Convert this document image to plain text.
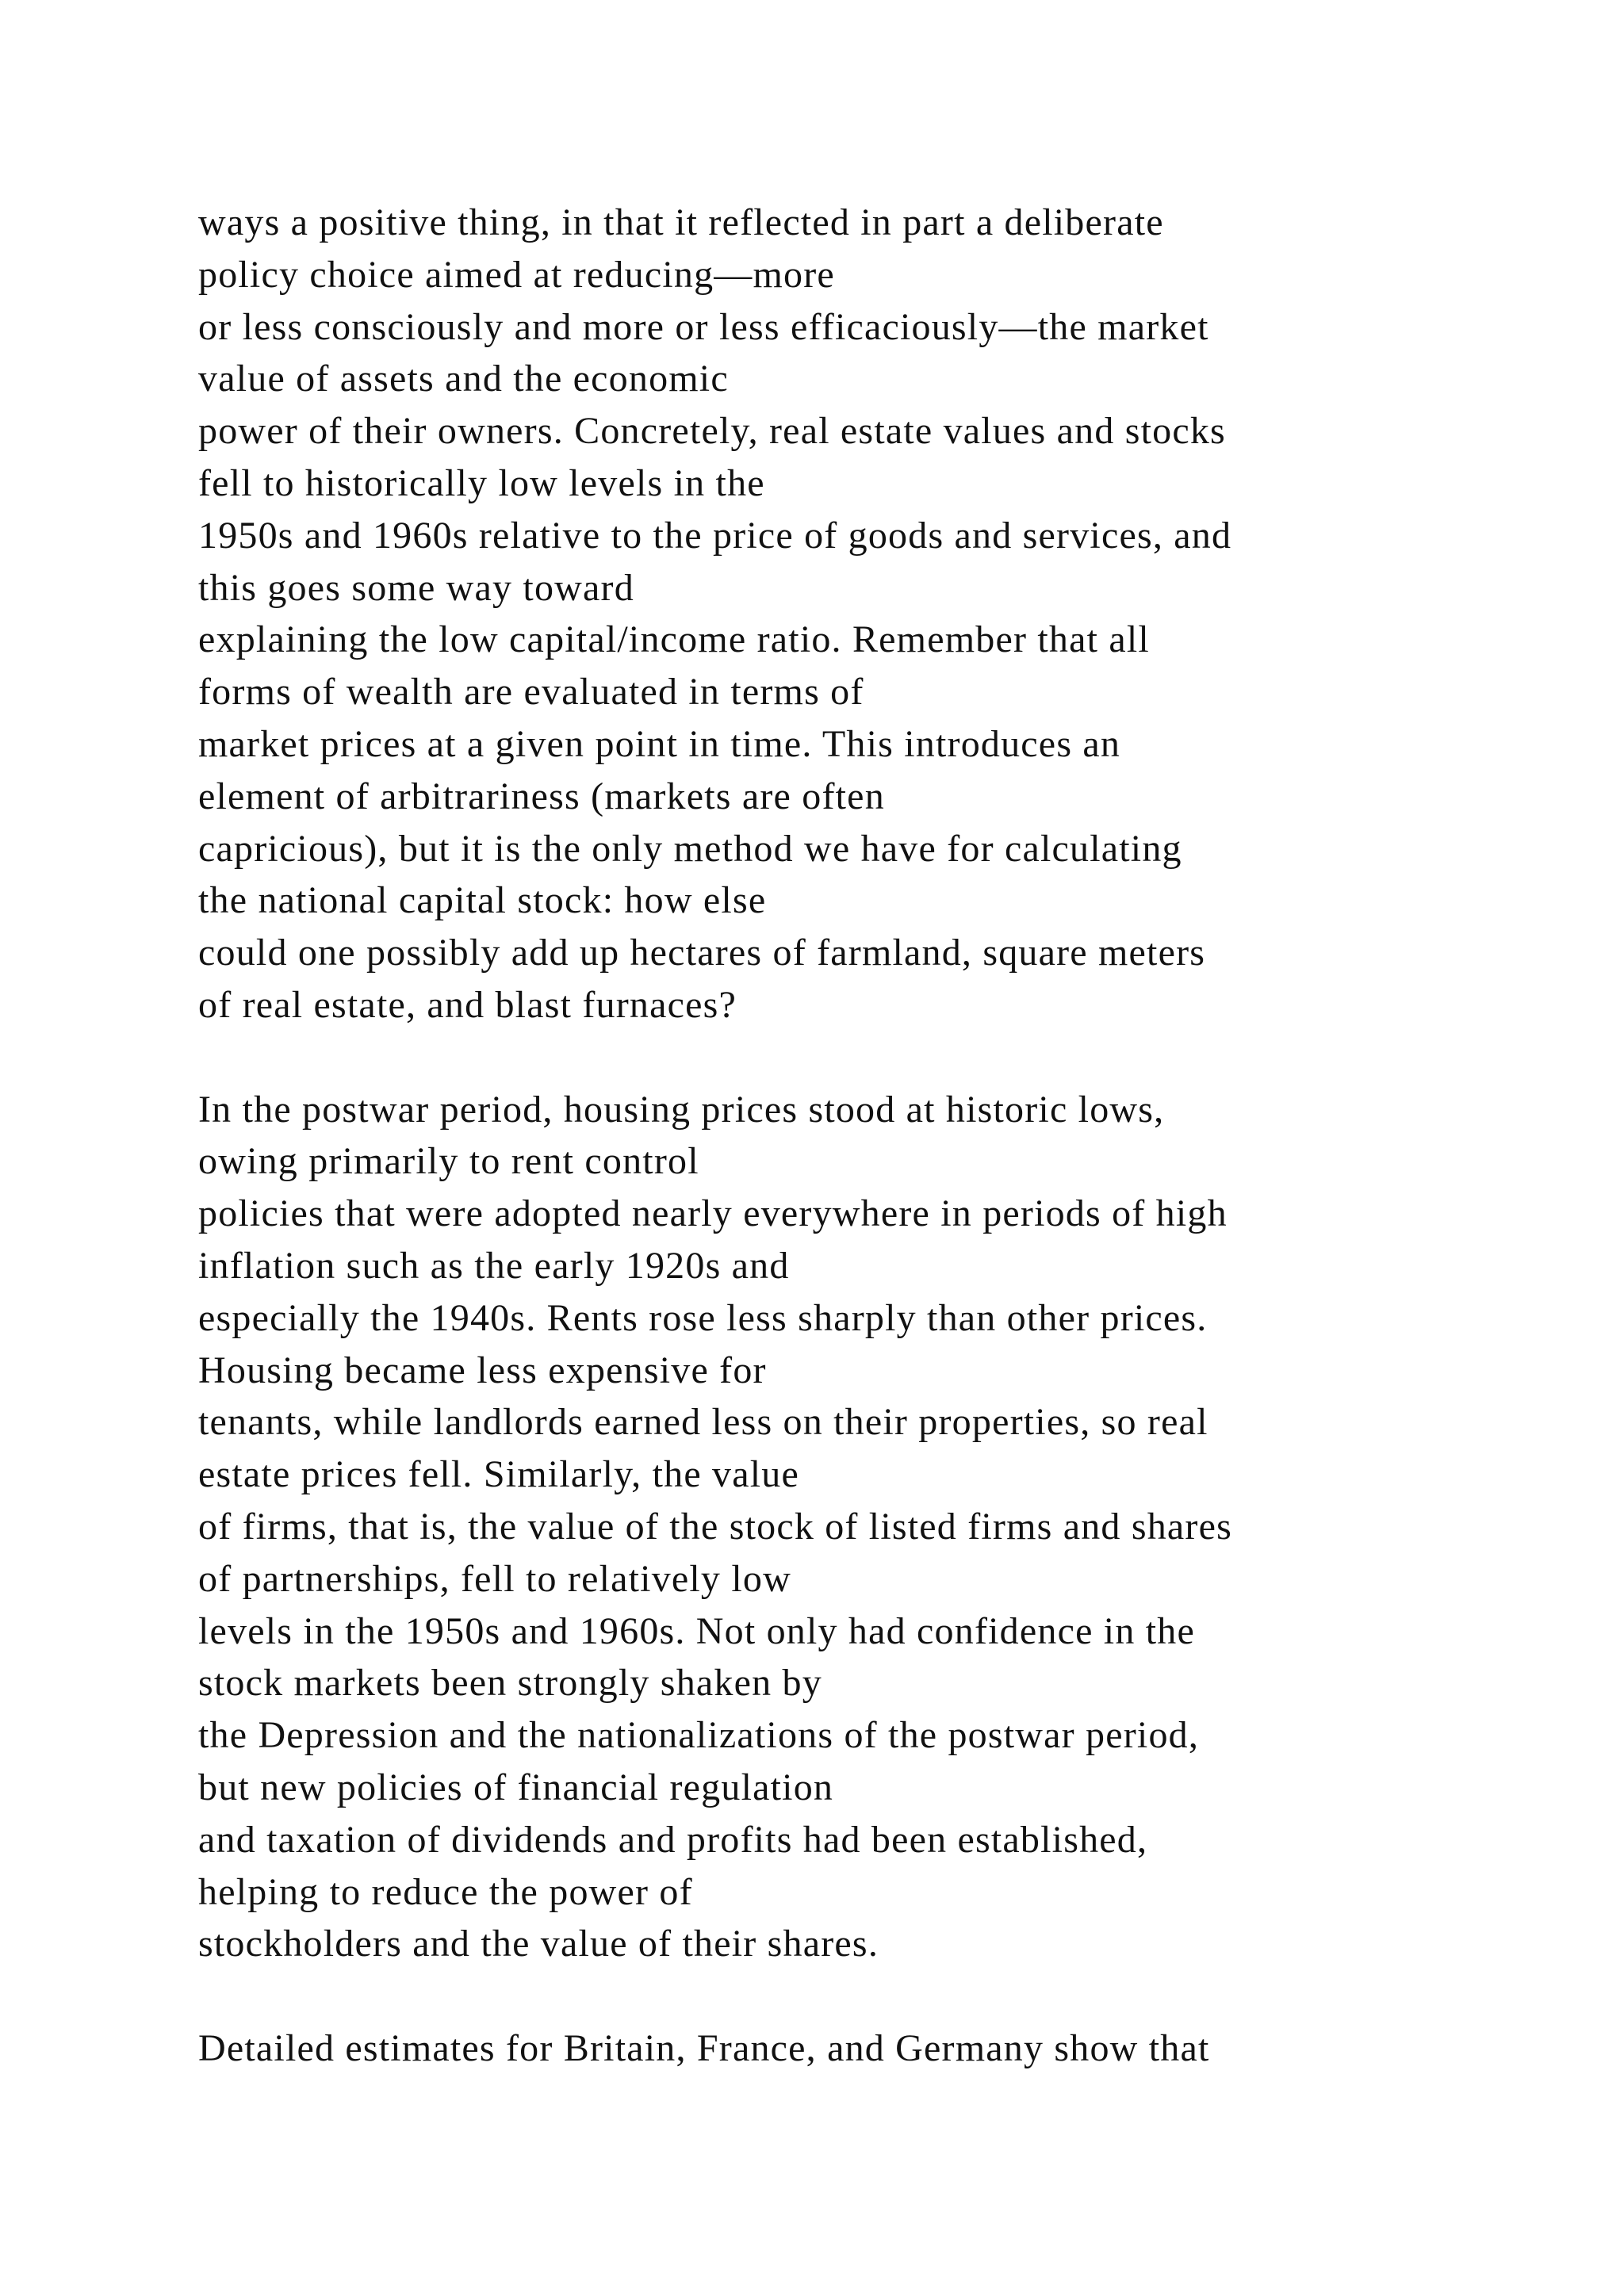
ways a positive thing, in that it reflected in part a deliberate
policy choice aimed at reducing—more
or less consciously and more or less efficaciously—the market
value of assets and the economic
power of their owners. Concretely, real estate values and stocks
fell to historically low levels in the
1950s and 1960s relative to the price of goods and services, and
this goes some way toward
explaining the low capital/income ratio. Remember that all
forms of wealth are evaluated in terms of
market prices at a given point in time. This introduces an
element of arbitrariness (markets are often
capricious), but it is the only method we have for calculating
the national capital stock: how else
could one possibly add up hectares of farmland, square meters
of real estate, and blast furnaces?

In the postwar period, housing prices stood at historic lows,
owing primarily to rent control
policies that were adopted nearly everywhere in periods of high
inflation such as the early 1920s and
especially the 1940s. Rents rose less sharply than other prices.
Housing became less expensive for
tenants, while landlords earned less on their properties, so real
estate prices fell. Similarly, the value
of firms, that is, the value of the stock of listed firms and shares
of partnerships, fell to relatively low
levels in the 1950s and 1960s. Not only had confidence in the
stock markets been strongly shaken by
the Depression and the nationalizations of the postwar period,
but new policies of financial regulation
and taxation of dividends and profits had been established,
helping to reduce the power of
stockholders and the value of their shares.

Detailed estimates for Britain, France, and Germany show that
